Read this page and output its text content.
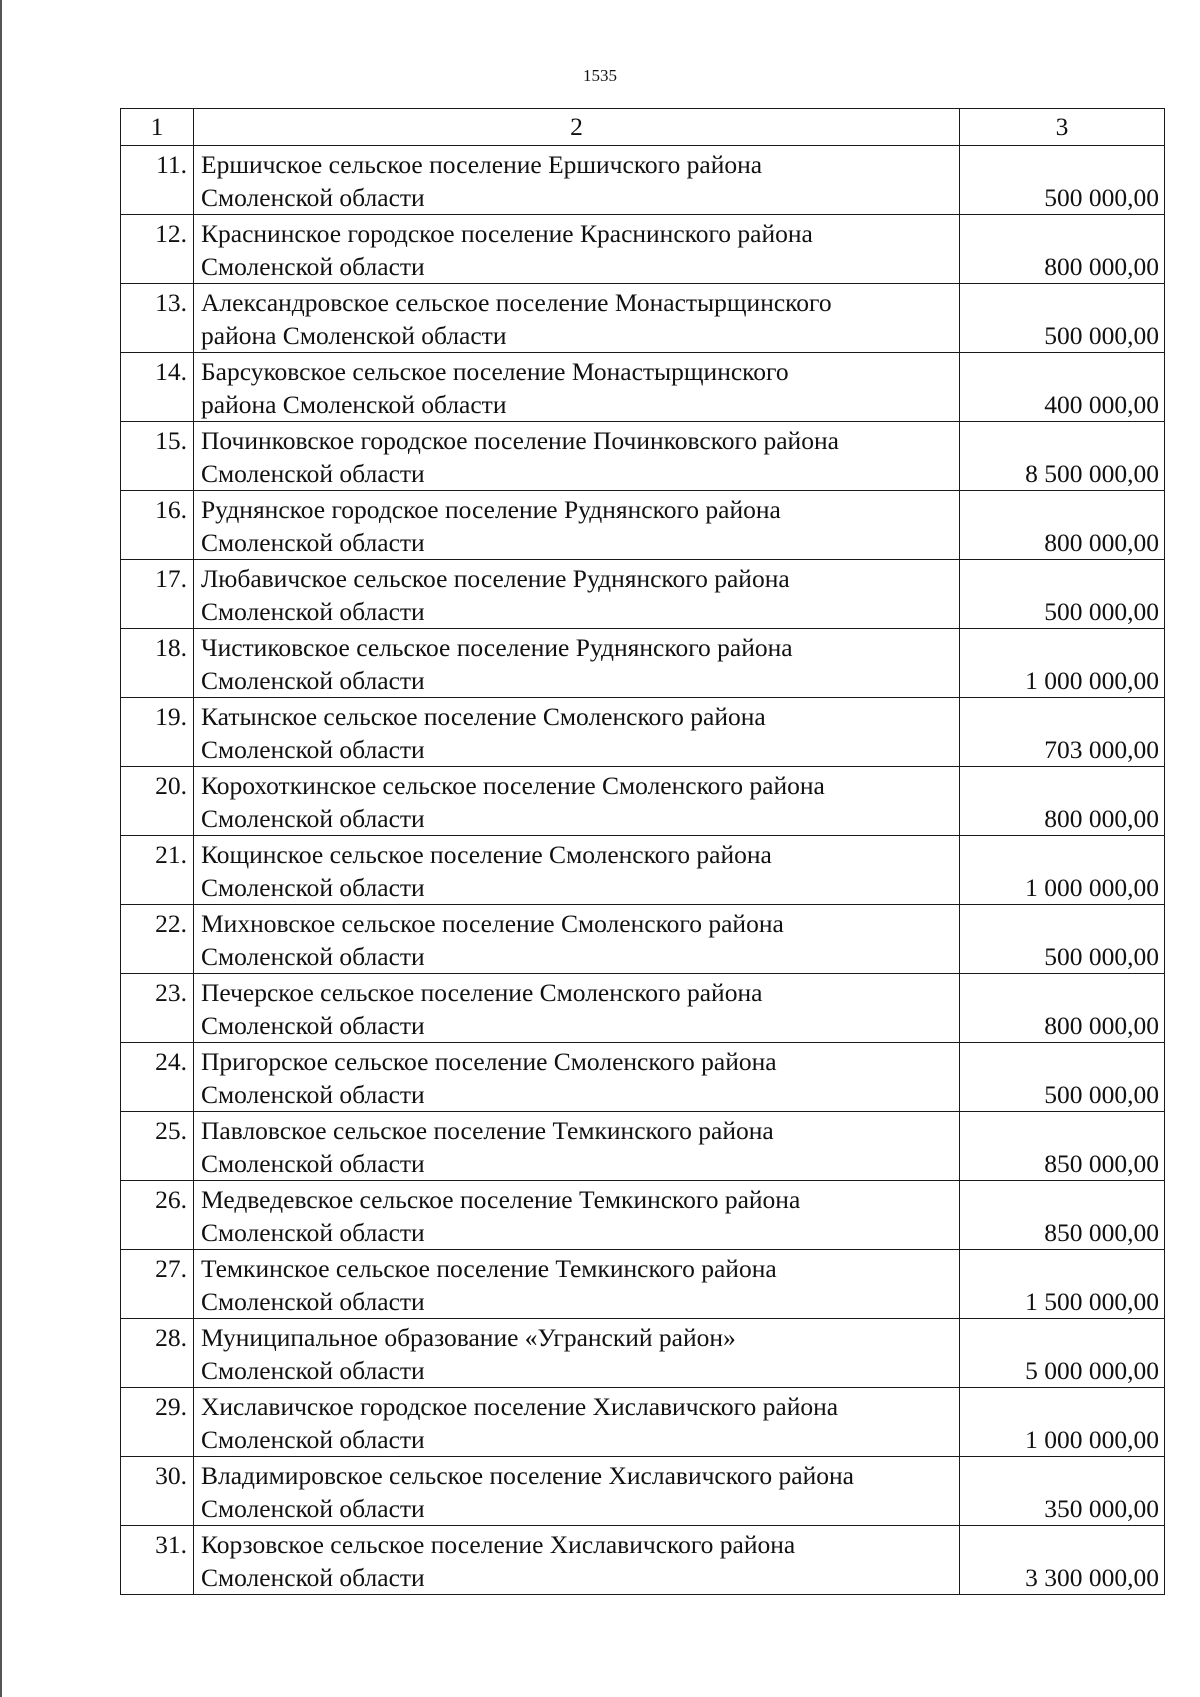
1535
1	2	3
11.	Ершичское сельское поселение Ершичского района
Смоленской области	500 000,00
12.	Краснинское городское поселение Краснинского района
Смоленской области	800 000,00
13.	Александровское сельское поселение Монастырщинского
района Смоленской области	500 000,00
14.	Барсуковское сельское поселение Монастырщинского
района Смоленской области	400 000,00
15.	Починковское городское поселение Починковского района
Смоленской области	8 500 000,00
16.	Руднянское городское поселение Руднянского района
Смоленской области	800 000,00
17.	Любавичское сельское поселение Руднянского района
Смоленской области	500 000,00
18.	Чистиковское сельское поселение Руднянского района
Смоленской области	1 000 000,00
19.	Катынское сельское поселение Смоленского района
Смоленской области	703 000,00
20.	Корохоткинское сельское поселение Смоленского района
Смоленской области	800 000,00
21.	Кощинское сельское поселение Смоленского района
Смоленской области	1 000 000,00
22.	Михновское сельское поселение Смоленского района
Смоленской области	500 000,00
23.	Печерское сельское поселение Смоленского района
Смоленской области	800 000,00
24.	Пригорское сельское поселение Смоленского района
Смоленской области	500 000,00
25.	Павловское сельское поселение Темкинского района
Смоленской области	850 000,00
26.	Медведевское сельское поселение Темкинского района
Смоленской области	850 000,00
27.	Темкинское сельское поселение Темкинского района
Смоленской области	1 500 000,00
28.	Муниципальное образование «Угранский район»
Смоленской области	5 000 000,00
29.	Хиславичское городское поселение Хиславичского района
Смоленской области	1 000 000,00
30.	Владимировское сельское поселение Хиславичского района
Смоленской области	350 000,00
31.	Корзовское сельское поселение Хиславичского района
Смоленской области	3 300 000,00
